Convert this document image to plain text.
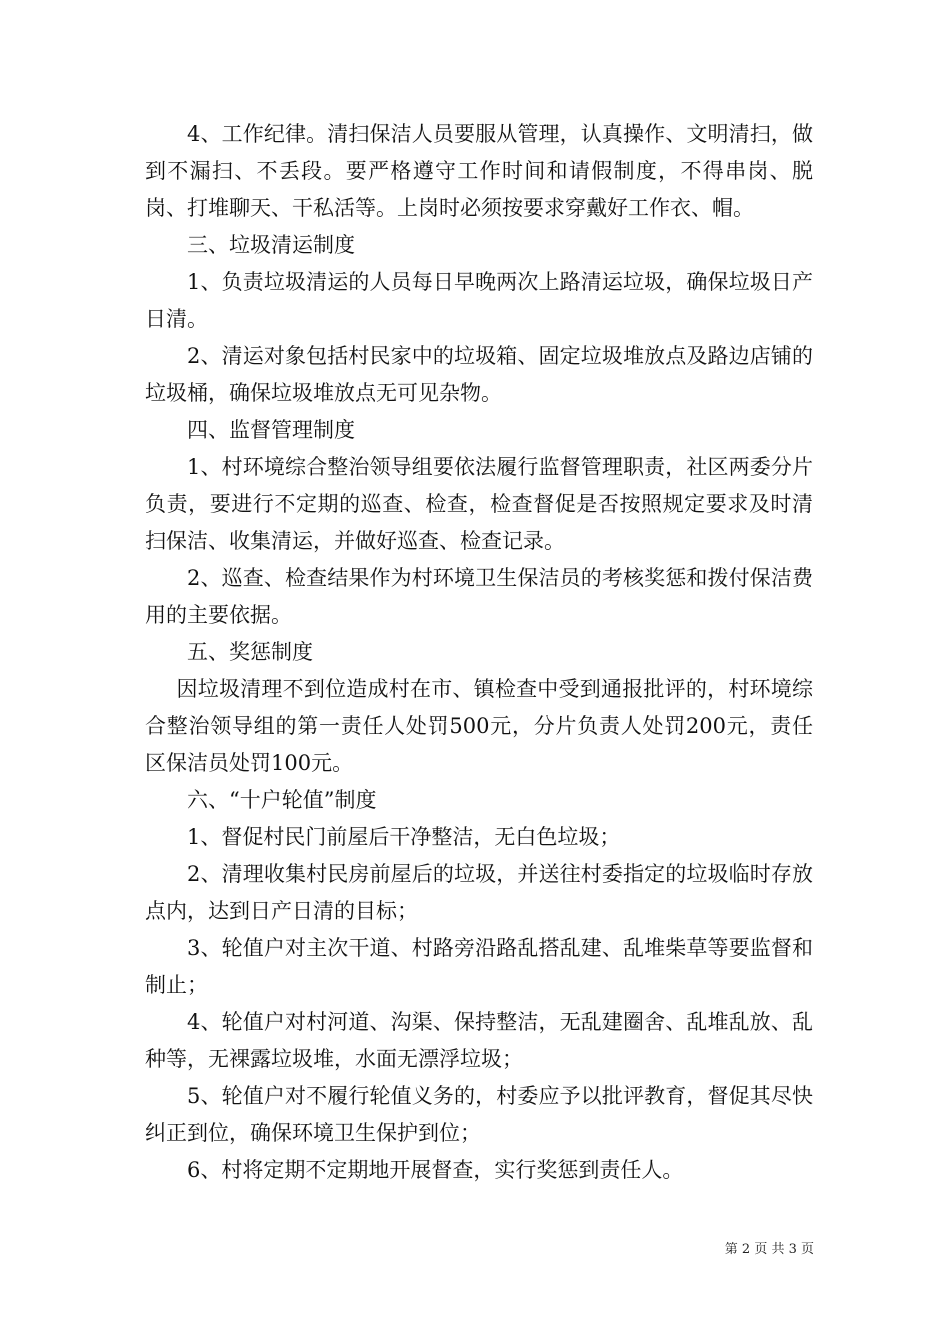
4、工作纪律。清扫保洁人员要服从管理，认真操作、文明清扫，做到不漏扫、不丢段。要严格遵守工作时间和请假制度，不得串岗、脱岗、打堆聊天、干私活等。上岗时必须按要求穿戴好工作衣、帽。

三、垃圾清运制度

1、负责垃圾清运的人员每日早晚两次上路清运垃圾，确保垃圾日产日清。

2、清运对象包括村民家中的垃圾箱、固定垃圾堆放点及路边店铺的垃圾桶，确保垃圾堆放点无可见杂物。

四、监督管理制度

1、村环境综合整治领导组要依法履行监督管理职责，社区两委分片负责，要进行不定期的巡查、检查，检查督促是否按照规定要求及时清扫保洁、收集清运，并做好巡查、检查记录。

2、巡查、检查结果作为村环境卫生保洁员的考核奖惩和拨付保洁费用的主要依据。

五、奖惩制度

因垃圾清理不到位造成村在市、镇检查中受到通报批评的，村环境综合整治领导组的第一责任人处罚500元，分片负责人处罚200元，责任区保洁员处罚100元。

六、“十户轮值”制度

1、督促村民门前屋后干净整洁，无白色垃圾；

2、清理收集村民房前屋后的垃圾，并送往村委指定的垃圾临时存放点内，达到日产日清的目标；

3、轮值户对主次干道、村路旁沿路乱搭乱建、乱堆柴草等要监督和制止；

4、轮值户对村河道、沟渠、保持整洁，无乱建圈舍、乱堆乱放、乱种等，无裸露垃圾堆，水面无漂浮垃圾；

5、轮值户对不履行轮值义务的，村委应予以批评教育，督促其尽快纠正到位，确保环境卫生保护到位；

6、村将定期不定期地开展督查，实行奖惩到责任人。

第 2 页 共 3 页
